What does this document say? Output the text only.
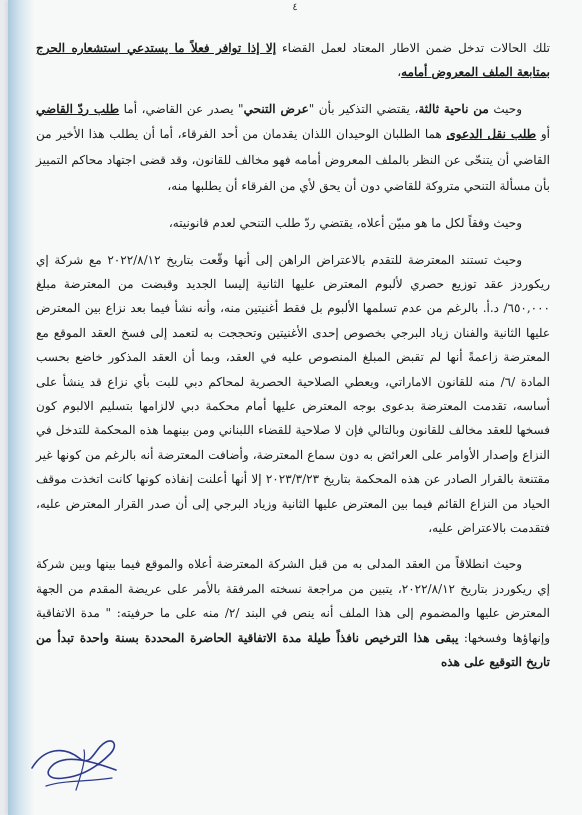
٤

تلك الحالات تدخل ضمن الاطار المعتاد لعمل القضاء إلا إذا توافر فعلاً ما يستدعي استشعاره الحرج بمتابعة الملف المعروض أمامه،

وحيث من ناحية ثالثة، يقتضي التذكير بأن "عرض التنحي" يصدر عن القاضي، أما طلب ردّ القاضي أو طلب نقل الدعوى هما الطلبان الوحيدان اللذان يقدمان من أحد الفرقاء، أما أن يطلب هذا الأخير من القاضي أن يتنحّى عن النظر بالملف المعروض أمامه فهو مخالف للقانون، وقد قضى اجتهاد محاكم التمييز بأن مسألة التنحي متروكة للقاضي دون أن يحق لأي من الفرقاء أن يطلبها منه،

وحيث وفقاً لكل ما هو مبيّن أعلاه، يقتضي ردّ طلب التنحي لعدم قانونيته،

وحيث تستند المعترضة للتقدم بالاعتراض الراهن إلى أنها وقّعت بتاريخ ٢٠٢٢/٨/١٢ مع شركة إي ريكوردز عقد توزيع حصري لألبوم المعترض عليها الثانية إليسا الجديد وقبضت من المعترضة مبلغ ٦٥٠,٠٠٠/ د.أ. بالرغم من عدم تسلمها الألبوم بل فقط أغنيتين منه، وأنه نشأ فيما بعد نزاع بين المعترض عليها الثانية والفنان زياد البرجي بخصوص إحدى الأغنيتين وتحججت به لتعمد إلى فسخ العقد الموقع مع المعترضة زاعمةً أنها لم تقبض المبلغ المنصوص عليه في العقد، وبما أن العقد المذكور خاضع بحسب المادة /٦/ منه للقانون الاماراتي، ويعطي الصلاحية الحصرية لمحاكم دبي للبت بأي نزاع قد ينشأ على أساسه، تقدمت المعترضة بدعوى بوجه المعترض عليها أمام محكمة دبي لالزامها بتسليم الالبوم كون فسخها للعقد مخالف للقانون وبالتالي فإن لا صلاحية للقضاء اللبناني ومن بينهما هذه المحكمة للتدخل في النزاع وإصدار الأوامر على العرائض به دون سماع المعترضة، وأضافت المعترضة أنه بالرغم من كونها غير مقتنعة بالقرار الصادر عن هذه المحكمة بتاريخ ٢٠٢٣/٣/٢٣ إلا أنها أعلنت إنفاذه كونها كانت اتخذت موقف الحياد من النزاع القائم فيما بين المعترض عليها الثانية وزياد البرجي إلى أن صدر القرار المعترض عليه، فتقدمت بالاعتراض عليه،

وحيث انطلاقاً من العقد المدلى به من قبل الشركة المعترضة أعلاه والموقع فيما بينها وبين شركة إي ريكوردز بتاريخ ٢٠٢٢/٨/١٢، يتبين من مراجعة نسخته المرفقة بالأمر على عريضة المقدم من الجهة المعترض عليها والمضموم إلى هذا الملف أنه ينص في البند /٢/ منه على ما حرفيته: " مدة الاتفاقية وإنهاؤها وفسخها: يبقى هذا الترخيص نافذاً طيلة مدة الاتفاقية الحاضرة المحددة بسنة واحدة تبدأ من تاريخ التوقيع على هذه
